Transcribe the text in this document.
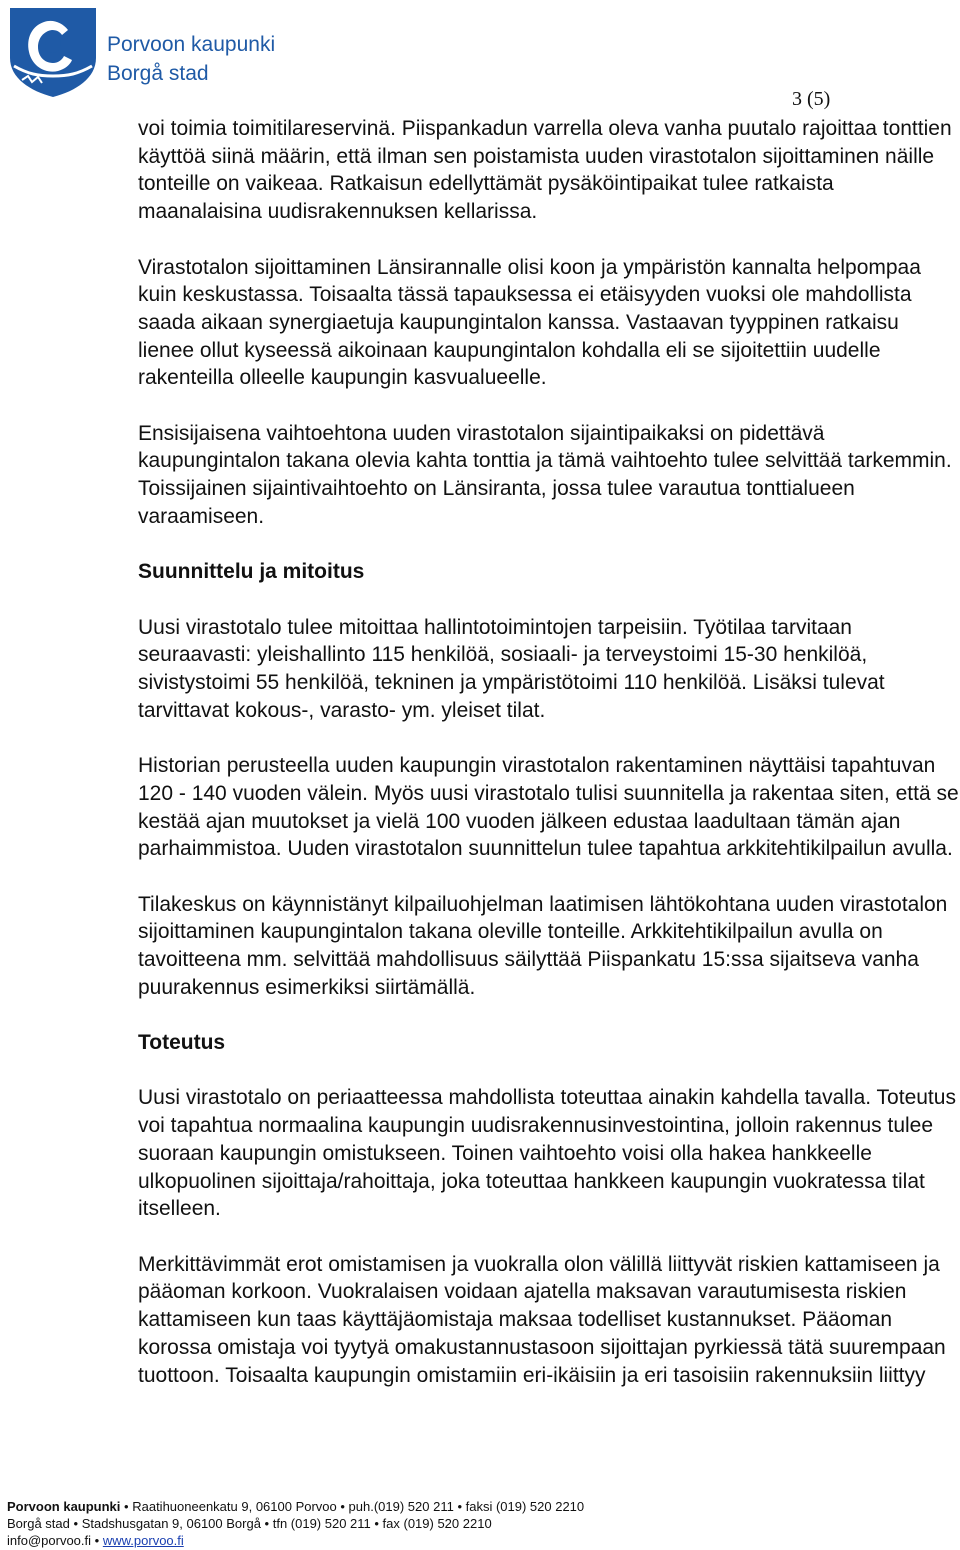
Porvoon kaupunki
Borgå stad
3 (5)

voi toimia toimitilareservinä. Piispankadun varrella oleva vanha puutalo rajoittaa tonttien käyttöä siinä määrin, että ilman sen poistamista uuden virastotalon sijoittaminen näille tonteille on vaikeaa. Ratkaisun edellyttämät pysäköintipaikat tulee ratkaista maanalaisina uudisrakennuksen kellarissa.

Virastotalon sijoittaminen Länsirannalle olisi koon ja ympäristön kannalta helpompaa kuin keskustassa. Toisaalta tässä tapauksessa ei etäisyyden vuoksi ole mahdollista saada aikaan synergiaetuja kaupungintalon kanssa. Vastaavan tyyppinen ratkaisu lienee ollut kyseessä aikoinaan kaupungintalon kohdalla eli se sijoitettiin uudelle rakenteilla olleelle kaupungin kasvualueelle.

Ensisijaisena vaihtoehtona uuden virastotalon sijaintipaikaksi on pidettävä kaupungintalon takana olevia kahta tonttia ja tämä vaihtoehto tulee selvittää tarkemmin. Toissijainen sijaintivaihtoehto on Länsiranta, jossa tulee varautua tonttialueen varaamiseen.

Suunnittelu ja mitoitus

Uusi virastotalo tulee mitoittaa hallintotoimintojen tarpeisiin. Työtilaa tarvitaan seuraavasti: yleishallinto 115 henkilöä, sosiaali- ja terveystoimi 15-30 henkilöä, sivistystoimi 55 henkilöä, tekninen ja ympäristötoimi 110 henkilöä. Lisäksi tulevat tarvittavat kokous-, varasto- ym. yleiset tilat.

Historian perusteella uuden kaupungin virastotalon rakentaminen näyttäisi tapahtuvan 120 - 140 vuoden välein. Myös uusi virastotalo tulisi suunnitella ja rakentaa siten, että se kestää ajan muutokset ja vielä 100 vuoden jälkeen edustaa laadultaan tämän ajan parhaimmistoa. Uuden virastotalon suunnittelun tulee tapahtua arkkitehtikilpailun avulla.

Tilakeskus on käynnistänyt kilpailuohjelman laatimisen lähtökohtana uuden virastotalon sijoittaminen kaupungintalon takana oleville tonteille. Arkkitehtikilpailun avulla on tavoitteena mm. selvittää mahdollisuus säilyttää Piispankatu 15:ssa sijaitseva vanha puurakennus esimerkiksi siirtämällä.

Toteutus

Uusi virastotalo on periaatteessa mahdollista toteuttaa ainakin kahdella tavalla. Toteutus voi tapahtua normaalina kaupungin uudisrakennusinvestointina, jolloin rakennus tulee suoraan kaupungin omistukseen. Toinen vaihtoehto voisi olla hakea hankkeelle ulkopuolinen sijoittaja/rahoittaja, joka toteuttaa hankkeen kaupungin vuokratessa tilat itselleen.

Merkittävimmät erot omistamisen ja vuokralla olon välillä liittyvät riskien kattamiseen ja pääoman korkoon. Vuokralaisen voidaan ajatella maksavan varautumisesta riskien kattamiseen kun taas käyttäjäomistaja maksaa todelliset kustannukset. Pääoman korossa omistaja voi tyytyä omakustannustasoon sijoittajan pyrkiessä tätä suurempaan tuottoon. Toisaalta kaupungin omistamiin eri-ikäisiin ja eri tasoisiin rakennuksiin liittyy

Porvoon kaupunki • Raatihuoneenkatu 9, 06100 Porvoo • puh.(019) 520 211 • faksi (019) 520 2210
Borgå stad • Stadshusgatan 9, 06100 Borgå • tfn (019) 520 211 • fax (019) 520 2210
info@porvoo.fi • www.porvoo.fi
